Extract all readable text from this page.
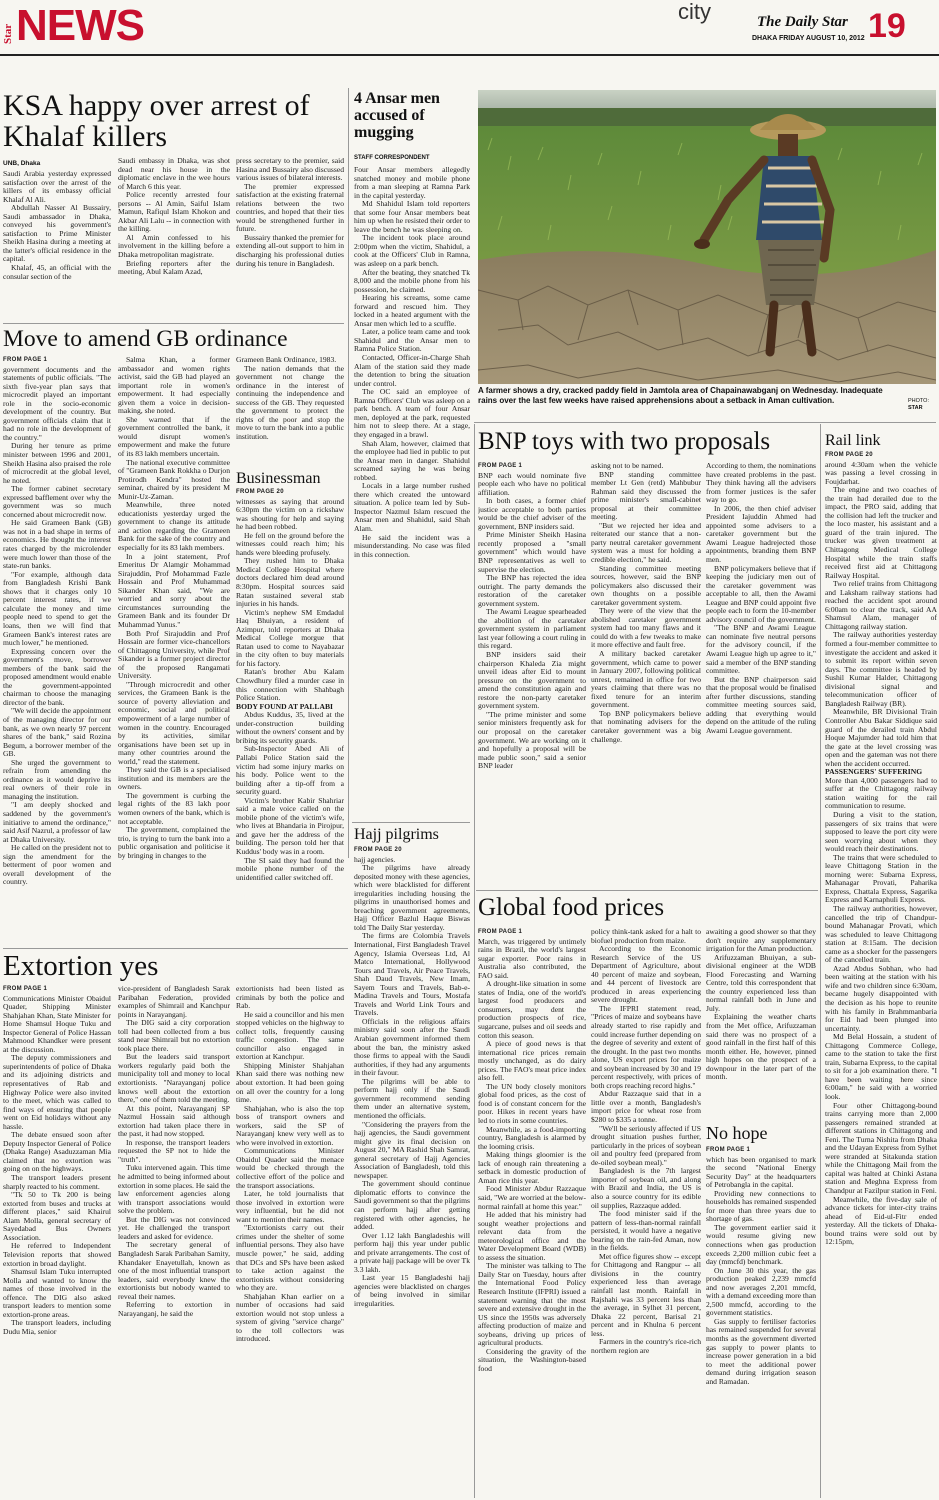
Star NEWS	city	The Daily Star 19
DHAKA FRIDAY AUGUST 10, 2012
KSA happy over arrest of Khalaf killers
UNB, Dhaka

Saudi Arabia yesterday expressed satisfaction over the arrest of the killers of its embassy official Khalaf Al Ali.

Abdullah Nasser Al Bussairy, Saudi ambassador in Dhaka, conveyed his government's satisfaction to Prime Minister Sheikh Hasina during a meeting at the latter's official residence in the capital.

Khalaf, 45, an official with the consular section of the

Saudi embassy in Dhaka, was shot dead near his house in the diplomatic enclave in the wee hours of March 6 this year.

Police recently arrested four persons -- Al Amin, Saiful Islam Mamun, Rafiqul Islam Khokon and Akbar Ali Lalu -- in connection with the killing.

Al Amin confessed to his involvement in the killing before a Dhaka metropolitan magistrate.

Briefing reporters after the meeting, Abul Kalam Azad,

press secretary to the premier, said Hasina and Bussairy also discussed various issues of bilateral interests.

The premier expressed satisfaction at the existing fraternal relations between the two countries, and hoped that their ties would be strengthened further in future.

Bussairy thanked the premier for extending all-out support to him in discharging his professional duties during his tenure in Bangladesh.

4 Ansar men accused of mugging
STAFF CORRESPONDENT

Four Ansar members allegedly snatched money and mobile phone from a man sleeping at Ramna Park in the capital yesterday.

Md Shahidul Islam told reporters that some four Ansar members beat him up when he resisted their order to leave the bench he was sleeping on.

The incident took place around 2:00pm when the victim, Shahidul, a cook at the Officers' Club in Ramna, was asleep on a park bench.

After the beating, they snatched Tk 8,000 and the mobile phone from his possession, he claimed.

Hearing his screams, some came forward and rescued him. They locked in a heated argument with the Ansar men which led to a scuffle.

Later, a police team came and took Shahidul and the Ansar men to Ramna Police Station.

Contacted, Officer-in-Charge Shah Alam of the station said they made the detention to bring the situation under control.

The OC said an employee of Ramna Officers' Club was asleep on a park bench. A team of four Ansar men, deployed at the park, requested him not to sleep there. At a stage, they engaged in a brawl.

Shah Alam, however, claimed that the employee had lied in public to put the Ansar men in danger. Shahidul screamed saying he was being robbed.

Locals in a large number rushed there which created the untoward situation. A police team led by Sub-Inspector Nazmul Islam rescued the Ansar men and Shahidul, said Shah Alam.

He said the incident was a misunderstanding. No case was filed in this connection.

A farmer shows a dry, cracked paddy field in Jamtola area of Chapainawabganj on Wednesday. Inadequate rains over the last few weeks have raised apprehensions about a setback in Aman cultivation.	PHOTO:
STAR
Move to amend GB ordinance
FROM PAGE 1

government documents and the statements of public officials. "The sixth five-year plan says that microcredit played an important role in the socio-economic development of the country. But government officials claim that it had no role in the development of the country."

During her tenure as prime minister between 1996 and 2001, Sheikh Hasina also praised the role of microcredit at the global level, he noted.

The former cabinet secretary expressed bafflement over why the government was so much concerned about microcredit now.

He said Grameen Bank (GB) was not in a bad shape in terms of economics. He thought the interest rates charged by the microlender were much lower than those of the state-run banks.

"For example, although data from Bangladesh Krishi Bank shows that it charges only 10 percent interest rates, if we calculate the money and time people need to spend to get the loans, then we will find that Grameen Bank's interest rates are much lower," he mentioned.

Expressing concern over the government's move, borrower members of the bank said the proposed amendment would enable the government-appointed chairman to choose the managing director of the bank.

"We will decide the appointment of the managing director for our bank, as we own nearly 97 percent shares of the bank," said Rozina Begum, a borrower member of the GB.

She urged the government to refrain from amending the ordinance as it would deprive its real owners of their role in managing the institution.

"I am deeply shocked and saddened by the government's initiative to amend the ordinance," said Asif Nazrul, a professor of law at Dhaka University.

He called on the president not to sign the amendment for the betterment of poor women and overall development of the country.

Salma Khan, a former ambassador and women rights activist, said the GB had played an important role in women's empowerment. It had especially given them a voice in decision-making, she noted.

She warned that if the government controlled the bank, it would disrupt women's empowerment and make the future of its 83 lakh members uncertain.

The national executive committee of "Grameen Bank Rokkha o Durjon Protirodh Kendra" hosted the seminar, chaired by its president M Munir-Uz-Zaman.

Meanwhile, three noted educationists yesterday urged the government to change its attitude and action regarding the Grameen Bank for the sake of the country and especially for its 83 lakh members.

In a joint statement, Prof Emeritus Dr Alamgir Mohammad Sirajuddin, Prof Mohammad Fazle Hossain and Prof Muhammad Sikander Khan said, "We are worried and sorry about the circumstances surrounding the Grameen Bank and its founder Dr Muhammad Yunus."

Both Prof Sirajuddin and Prof Hossain are former vice-chancellors of Chittagong University, while Prof Sikander is a former project director of the proposed Rangamati University.

"Through microcredit and other services, the Grameen Bank is the source of poverty alleviation and economic, social and political empowerment of a large number of women in the country. Encouraged by its activities, similar organisations have been set up in many other countries around the world," read the statement.

They said the GB is a specialised institution and its members are the owners.

The government is curbing the legal rights of the 83 lakh poor women owners of the bank, which is not acceptable.

The government, complained the trio, is trying to turn the bank into a public organisation and politicise it by bringing in changes to the

Grameen Bank Ordinance, 1983.

The nation demands that the government not change the ordinance in the interest of continuing the independence and success of the GB. They requested the government to protect the rights of the poor and stop the move to turn the bank into a public institution.

Businessman
FROM PAGE 20

witnesses as saying that around 6:30pm the victim on a rickshaw was shouting for help and saying he had been robbed.

He fell on the ground before the witnesses could reach him; his hands were bleeding profusely.

They rushed him to Dhaka Medical College Hospital where doctors declared him dead around 8:30pm. Hospital sources said Ratan sustained several stab injuries in his hands.

Victim's nephew SM Emdadul Haq Bhuiyan, a resident of Azimpur, told reporters at Dhaka Medical College morgue that Ratan used to come to Nayabazar in the city often to buy materials for his factory.

Ratan's brother Abu Kalam Chowdhury filed a murder case in this connection with Shahbagh Police Station.

BODY FOUND AT PALLABI

Abdus Kuddus, 35, lived at the under-construction building without the owners' consent and by bribing its security guards.

Sub-Inspector Abed Ali of Pallabi Police Station said the victim had some injury marks on his body. Police went to the building after a tip-off from a security guard.

Victim's brother Kabir Shahriar said a male voice called on the mobile phone of the victim's wife, who lives at Bhandaria in Pirojpur, and gave her the address of the building. The person told her that Kuddus' body was in a room.

The SI said they had found the mobile phone number of the unidentified caller switched off.

Hajj pilgrims
FROM PAGE 20

hajj agencies.

The pilgrims have already deposited money with these agencies, which were blacklisted for different irregularities including housing the pilgrims in unauthorised homes and breaching government agreements, Hajj Officer Bazlul Haque Biswas told The Daily Star yesterday.

The firms are Colombia Travels International, First Bangladesh Travel Agency, Islamia Overseas Ltd, Al Matco International, Hollywood Tours and Travels, Air Peace Travels, Shah Daud Travels, New Imam, Sayem Tours and Travels, Bab-e-Madina Travels and Tours, Mostafa Travels and World Link Tours and Travels.

Officials in the religious affairs ministry said soon after the Saudi Arabian government informed them about the ban, the ministry asked those firms to appeal with the Saudi authorities, if they had any arguments in their favour.

The pilgrims will be able to perform hajj only if the Saudi government recommend sending them under an alternative system, mentioned the officials.

"Considering the prayers from the hajj agencies, the Saudi government might give its final decision on August 20," MA Rashid Shah Samrat, general secretary of Hajj Agencies Association of Bangladesh, told this newspaper.

The government should continue diplomatic efforts to convince the Saudi government so that the pilgrims can perform hajj after getting registered with other agencies, he added.

Over 1.12 lakh Bangladeshis will perform hajj this year under public and private arrangements. The cost of a private hajj package will be over Tk 3.3 lakh.

Last year 15 Bangladeshi hajj agencies were blacklisted on charges of being involved in similar irregularities.

BNP toys with two proposals
FROM PAGE 1

BNP each would nominate five people each who have no political affiliation.

In both cases, a former chief justice acceptable to both parties would be the chief adviser of the government, BNP insiders said.

Prime Minister Sheikh Hasina recently proposed a "small government" which would have BNP representatives as well to supervise the election.

The BNP has rejected the idea outright. The party demands the restoration of the caretaker government system.

The Awami League spearheaded the abolition of the caretaker government system in parliament last year following a court ruling in this regard.

BNP insiders said their chairperson Khaleda Zia might unveil ideas after Eid to mount pressure on the government to amend the constitution again and restore the non-party caretaker government system.

"The prime minister and some senior ministers frequently ask for our proposal on the caretaker government. We are working on it and hopefully a proposal will be made public soon," said a senior BNP leader

asking not to be named.

BNP standing committee member Lt Gen (retd) Mahbubur Rahman said they discussed the prime minister's small-cabinet proposal at their committee meeting.

"But we rejected her idea and reiterated our stance that a non-party neutral caretaker government system was a must for holding a credible election," he said.

Standing committee meeting sources, however, said the BNP policymakers also discussed their own thoughts on a possible caretaker government system.

They were of the view that the abolished caretaker government system had too many flaws and it could do with a few tweaks to make it more effective and fault free.

A military backed caretaker government, which came to power in January 2007, following political unrest, remained in office for two years claiming that there was no fixed tenure for an interim government.

Top BNP policymakers believe that nominating advisers for the caretaker government was a big challenge.

According to them, the nominations have created problems in the past. They think having all the advisers from former justices is the safer way to go.

In 2006, the then chief adviser President Iajuddin Ahmed had appointed some advisers to a caretaker government but the Awami League hadrejected those appointments, branding them BNP men.

BNP policymakers believe that if keeping the judiciary men out of the caretaker government was acceptable to all, then the Awami League and BNP could appoint five people each to form the 10-member advisory council of the government.

"The BNP and Awami League can nominate five neutral persons for the advisory council, if the Awami League high up agree to it," said a member of the BNP standing committee.

But the BNP chairperson said that the proposal would be finalised after further discussions, standing committee meeting sources said, adding that everything would depend on the attitude of the ruling Awami League government.

Rail link
FROM PAGE 20

around 4:30am when the vehicle was passing a level crossing in Foujdarhat.

The engine and two coaches of the train had derailed due to the impact, the PRO said, adding that the collision had left the trucker and the loco master, his assistant and a guard of the train injured. The trucker was given treatment at Chittagong Medical College Hospital while the train staffs received first aid at Chittagong Railway Hospital.

Two relief trains from Chittagong and Laksham railway stations had reached the accident spot around 6:00am to clear the track, said AA Shamsul Alam, manager of Chittagong railway station.

The railway authorities yesterday formed a four-member committee to investigate the accident and asked it to submit its report within seven days. The committee is headed by Sushil Kumar Halder, Chittagong divisional signal and telecommunication officer of Bangladesh Railway (BR).

Meanwhile, BR Divisional Train Controller Abu Bakar Siddique said guard of the derailed train Abdul Hoque Majumder had told him that the gate at the level crossing was open and the gateman was not there when the accident occurred.

PASSENGERS' SUFFERING

More than 4,000 passengers had to suffer at the Chittagong railway station waiting for the rail communication to resume.

During a visit to the station, passengers of six trains that were supposed to leave the port city were seen worrying about when they would reach their destinations.

The trains that were scheduled to leave Chittagong Station in the morning were: Subarna Express, Mahanagar Provati, Paharika Express, Chattala Express, Sagarika Express and Karnaphuli Express.

The railway authorities, however, cancelled the trip of Chandpur-bound Mahanagar Provati, which was scheduled to leave Chittagong station at 8:15am. The decision came as a shocker for the passengers of the cancelled train.

Azad Abdus Sobhan, who had been waiting at the station with his wife and two children since 6:30am, became hugely disappointed with the decision as his hope to reunite with his family in Brahmmanbaria for Eid had been plunged into uncertainty.

Md Belal Hossain, a student of Chittagong Commerce College, came to the station to take the first train, Subarna Express, to the capital to sit for a job examination there. "I have been waiting here since 6:00am," he said with a worried look.

Four other Chittagong-bound trains carrying more than 2,000 passengers remained stranded at different stations in Chittagong and Feni. The Turna Nishita from Dhaka and the Udayan Express from Sylhet were stranded at Sitakunda station while the Chittagong Mail from the capital was halted at Chinki Astana station and Meghna Express from Chandpur at Fazilpur station in Feni.

Meanwhile, the five-day sale of advance tickets for inter-city trains ahead of Eid-ul-Fitr ended yesterday. All the tickets of Dhaka-bound trains were sold out by 12:15pm,

Extortion yes
FROM PAGE 1

Communications Minister Obaidul Quader, Shipping Minister Shahjahan Khan, State Minister for Home Shamsul Hoque Tuku and Inspector General of Police Hassan Mahmood Khandker were present at the discussion.

The deputy commissioners and superintendents of police of Dhaka and its adjoining districts and representatives of Rab and Highway Police were also invited to the meet, which was called to find ways of ensuring that people went on Eid holidays without any hassle.

The debate ensued soon after Deputy Inspector General of Police (Dhaka Range) Asaduzzaman Mia claimed that no extortion was going on on the highways.

The transport leaders present sharply reacted to his comment.

"Tk 50 to Tk 200 is being extorted from buses and trucks at different places," said Khairul Alam Molla, general secretary of Sayedabad Bus Owners Association.

He referred to Independent Television reports that showed extortion in broad daylight.

Shamsul Islam Tuku interrupted Molla and wanted to know the names of those involved in the offence. The DIG also asked transport leaders to mention some extortion-prone areas.

The transport leaders, including Dudu Mia, senior

vice-president of Bangladesh Sarak Paribahan Federation, provided examples of Shimrail and Kanchpur points in Narayanganj.

The DIG said a city corporation toll had been collected from a bus stand near Shimrail but no extortion took place there.

But the leaders said transport workers regularly paid both the municipality toll and money to local extortionists. "Narayanganj police knows well about the extortion there," one of them told the meeting.

At this point, Narayanganj SP Nazmul Hossain said although extortion had taken place there in the past, it had now stopped.

In response, the transport leaders requested the SP not to hide the "truth".

Tuku intervened again. This time he admitted to being informed about extortion in some places. He said the law enforcement agencies along with transport associations would solve the problem.

But the DIG was not convinced yet. He challenged the transport leaders and asked for evidence.

The secretary general of Bangladesh Sarak Paribahan Samity, Khandaker Enayetullah, known as one of the most influential transport leaders, said everybody knew the extortionists but nobody wanted to reveal their names.

Referring to extortion in Narayanganj, he said the

extortionists had been listed as criminals by both the police and Rab.

He said a councillor and his men stopped vehicles on the highway to collect tolls, frequently causing traffic congestion. The same councillor also engaged in extortion at Kanchpur.

Shipping Minister Shahjahan Khan said there was nothing new about extortion. It had been going on all over the country for a long time.

Shahjahan, who is also the top boss of transport owners and workers, said the SP of Narayanganj knew very well as to who were involved in extortion.

Communications Minister Obaidul Quader said the menace would be checked through the collective effort of the police and the transport associations.

Later, he told journalists that those involved in extortion were very influential, but he did not want to mention their names.

"Extortionists carry out their crimes under the shelter of some influential persons. They also have muscle power," he said, adding that DCs and SPs have been asked to take action against the extortionists without considering who they are.

Shahjahan Khan earlier on a number of occasions had said extortion would not stop unless a system of giving "service charge" to the toll collectors was introduced.

Global food prices
FROM PAGE 1

March, was triggered by untimely rains in Brazil, the world's largest sugar exporter. Poor rains in Australia also contributed, the FAO said.

A drought-like situation in some states of India, one of the world's largest food producers and consumers, may dent the production prospects of rice, sugarcane, pulses and oil seeds and cotton this season.

A piece of good news is that international rice prices remain mostly unchanged, as do dairy prices. The FAO's meat price index also fell.

The UN body closely monitors global food prices, as the cost of food is of constant concern for the poor. Hikes in recent years have led to riots in some countries.

Meanwhile, as a food-importing country, Bangladesh is alarmed by the looming crisis.

Making things gloomier is the lack of enough rain threatening a setback in domestic production of Aman rice this year.

Food Minister Abdur Razzaque said, "We are worried at the below-normal rainfall at home this year."

He added that his ministry had sought weather projections and relevant data from the meteorological office and the Water Development Board (WDB) to assess the situation.

The minister was talking to The Daily Star on Tuesday, hours after the International Food Policy Research Institute (IFPRI) issued a statement warning that the most severe and extensive drought in the US since the 1950s was adversely affecting production of maize and soybeans, driving up prices of agricultural products.

Considering the gravity of the situation, the Washington-based food

policy think-tank asked for a halt to biofuel production from maize.

According to the Economic Research Service of the US Department of Agriculture, about 40 percent of maize and soybean, and 44 percent of livestock are produced in areas experiencing severe drought.

The IFPRI statement read, "Prices of maize and soybeans have already started to rise rapidly and could increase further depending on the degree of severity and extent of the drought. In the past two months alone, US export prices for maize and soybean increased by 30 and 19 percent respectively, with prices of both crops reaching record highs."

Abdur Razzaque said that in a little over a month, Bangladesh's import price for wheat rose from $280 to $335 a tonne.

"We'll be seriously affected if US drought situation pushes further, particularly in the prices of soybean oil and poultry feed (prepared from de-oiled soybean meal)."

Bangladesh is the 7th largest importer of soybean oil, and along with Brazil and India, the US is also a source country for its edible oil supplies, Razzaque added.

The food minister said if the pattern of less-than-normal rainfall persisted, it would have a negative bearing on the rain-fed Aman, now in the fields.

Met office figures show -- except for Chittagong and Rangpur -- all divisions in the country experienced less than average rainfall last month. Rainfall in Rajshahi was 33 percent less than the average, in Sylhet 31 percent, Dhaka 22 percent, Barisal 21 percent and in Khulna 6 percent less.

Farmers in the country's rice-rich northern region are

awaiting a good shower so that they don't require any supplementary irrigation for the Aman production.

Arifuzzaman Bhuiyan, a sub-divisional engineer at the WDB Flood Forecasting and Warning Centre, told this correspondent that the country experienced less than normal rainfall both in June and July.

Explaining the weather charts from the Met office, Arifuzzaman said there was no prospect of a good rainfall in the first half of this month either. He, however, pinned high hopes on the prospect of a downpour in the later part of the month.

No hope
FROM PAGE 1

which has been organised to mark the second "National Energy Security Day" at the headquarters of Petrobangla in the capital.

Providing new connections to households has remained suspended for more than three years due to shortage of gas.

The government earlier said it would resume giving new connections when gas production exceeds 2,200 million cubic feet a day (mmcfd) benchmark.

On June 30 this year, the gas production peaked 2,239 mmcfd and now averages 2,201 mmcfd, with a demand exceeding more than 2,500 mmcfd, according to the government statistics.

Gas supply to fertiliser factories has remained suspended for several months as the government diverted gas supply to power plants to increase power generation in a bid to meet the additional power demand during irrigation season and Ramadan.
